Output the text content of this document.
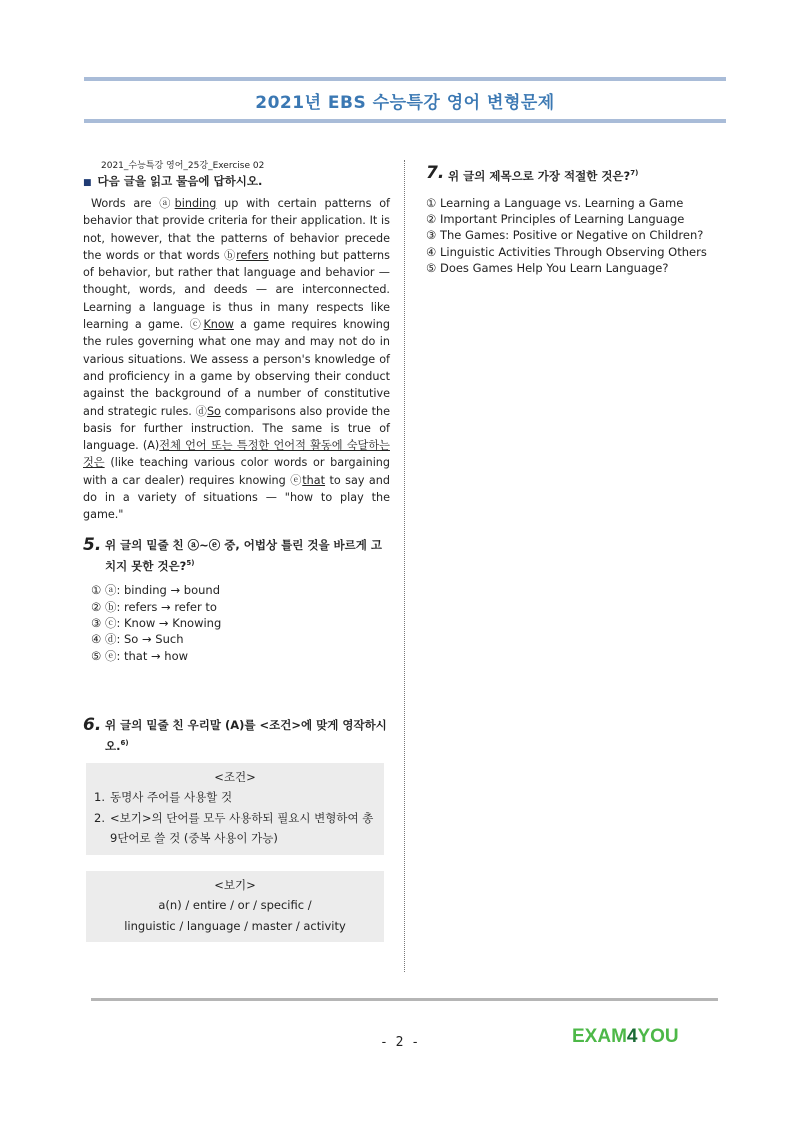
2021년 EBS 수능특강 영어 변형문제
2021_수능특강 영어_25강_Exercise 02
■ 다음 글을 읽고 물음에 답하시오.
Words are ⓐbinding up with certain patterns of behavior that provide criteria for their application. It is not, however, that the patterns of behavior precede the words or that words ⓑrefers nothing but patterns of behavior, but rather that language and behavior — thought, words, and deeds — are interconnected. Learning a language is thus in many respects like learning a game. ⓒKnow a game requires knowing the rules governing what one may and may not do in various situations. We assess a person's knowledge of and proficiency in a game by observing their conduct against the background of a number of constitutive and strategic rules. ⓓSo comparisons also provide the basis for further instruction. The same is true of language. (A)전체 언어 또는 특정한 언어적 활동에 숙달하는 것은 (like teaching various color words or bargaining with a car dealer) requires knowing ⓔthat to say and do in a variety of situations — "how to play the game."
5. 위 글의 밑줄 친 ⓐ~ⓔ 중, 어법상 틀린 것을 바르게 고치지 못한 것은?$^{5)}$
① ⓐ: binding → bound
② ⓑ: refers → refer to
③ ⓒ: Know → Knowing
④ ⓓ: So → Such
⑤ ⓔ: that → how
6. 위 글의 밑줄 친 우리말 (A)를 <조건>에 맞게 영작하시오.$^{6)}$
<조건>
1. 동명사 주어를 사용할 것
2. <보기>의 단어를 모두 사용하되 필요시 변형하여 총 9단어로 쓸 것 (중복 사용이 가능)
<보기>
a(n) / entire / or / specific /
linguistic / language / master / activity
7. 위 글의 제목으로 가장 적절한 것은?$^{7)}$
① Learning a Language vs. Learning a Game
② Important Principles of Learning Language
③ The Games: Positive or Negative on Children?
④ Linguistic Activities Through Observing Others
⑤ Does Games Help You Learn Language?
- 2 -	EXAM4YOU
